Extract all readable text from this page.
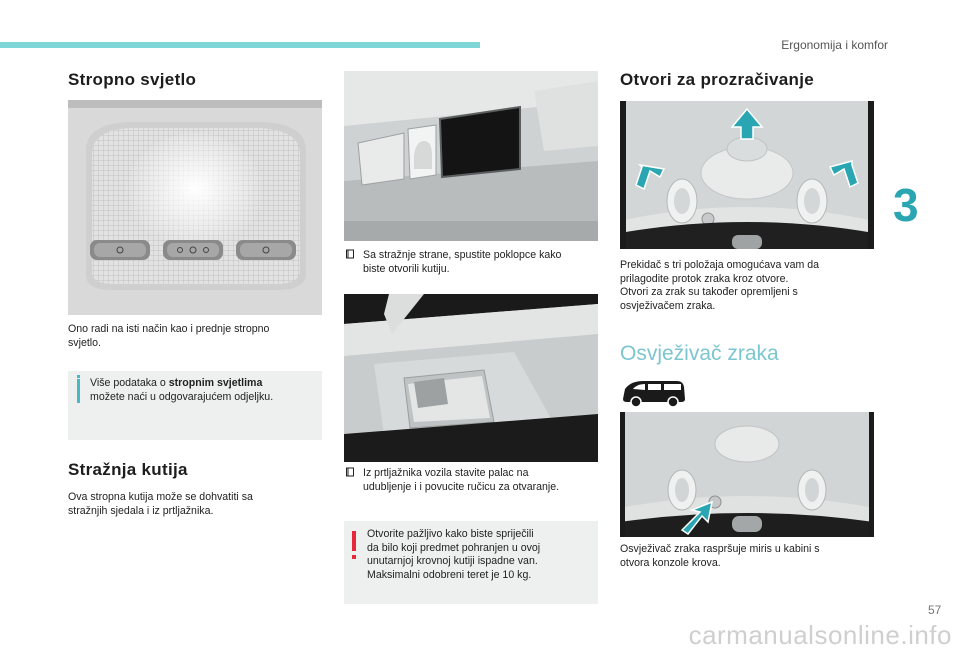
Ergonomija i komfor
3
Stropno svjetlo
Ono radi na isti način kao i prednje stropno
svjetlo.
Više podataka o stropnim svjetlima
možete naći u odgovarajućem odjeljku.
Stražnja kutija
Ova stropna kutija može se dohvatiti sa
stražnjih sjedala i iz prtljažnika.
Sa stražnje strane, spustite poklopce kako
biste otvorili kutiju.
Iz prtljažnika vozila stavite palac na
udubljenje i i povucite ručicu za otvaranje.
Otvorite pažljivo kako biste spriječili
da bilo koji predmet pohranjen u ovoj
unutarnjoj krovnoj kutiji ispadne van.
Maksimalni odobreni teret je 10 kg.
Otvori za prozračivanje
Prekidač s tri položaja omogućava vam da
prilagodite protok zraka kroz otvore.
Otvori za zrak su također opremljeni s
osvježivačem zraka.
Osvježivač zraka
Osvježivač zraka raspršuje miris u kabini s
otvora konzole krova.
57
carmanualsonline.info
